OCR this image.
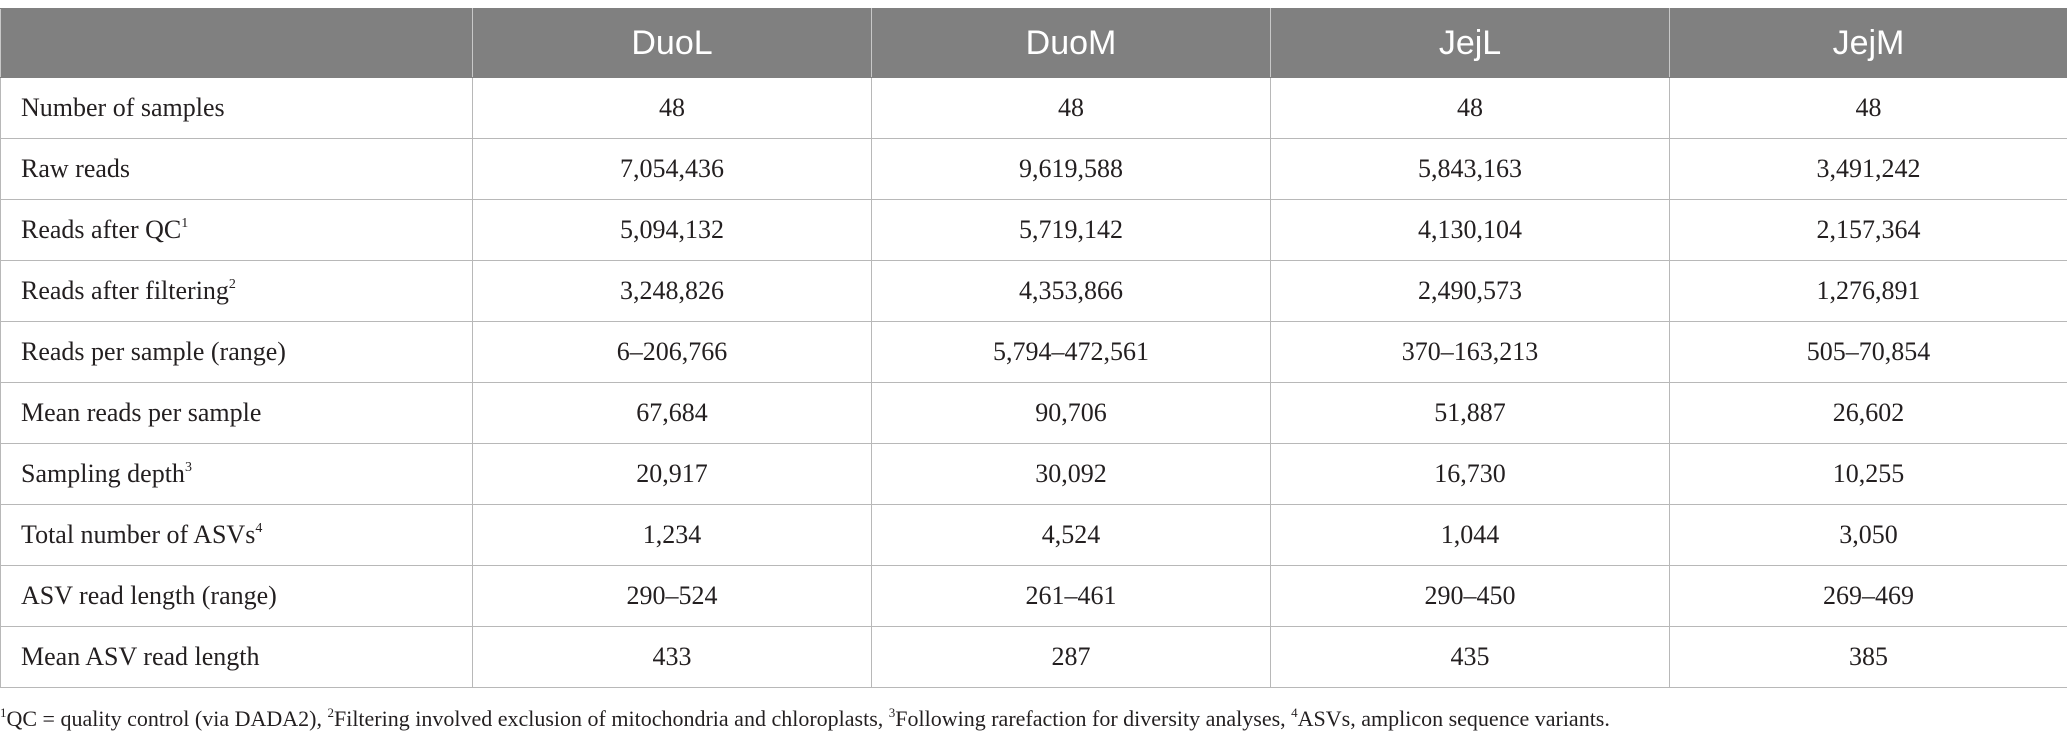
	DuoL	DuoM	JejL	JejM
Number of samples	48	48	48	48
Raw reads	7,054,436	9,619,588	5,843,163	3,491,242
Reads after $QC^1$	5,094,132	5,719,142	4,130,104	2,157,364
Reads after filtering$^2$	3,248,826	4,353,866	2,490,573	1,276,891
Reads per sample (range)	6–206,766	5,794–472,561	370–163,213	505–70,854
Mean reads per sample	67,684	90,706	51,887	26,602
Sampling depth$^3$	20,917	30,092	16,730	10,255
Total number of ASVs$^4$	1,234	4,524	1,044	3,050
ASV read length (range)	290–524	261–461	290–450	269–469
Mean ASV read length	433	287	435	385
$^1$QC = quality control (via DADA2), $^2$Filtering involved exclusion of mitochondria and chloroplasts, $^3$Following rarefaction for diversity analyses, $^4$ASVs, amplicon sequence variants.
